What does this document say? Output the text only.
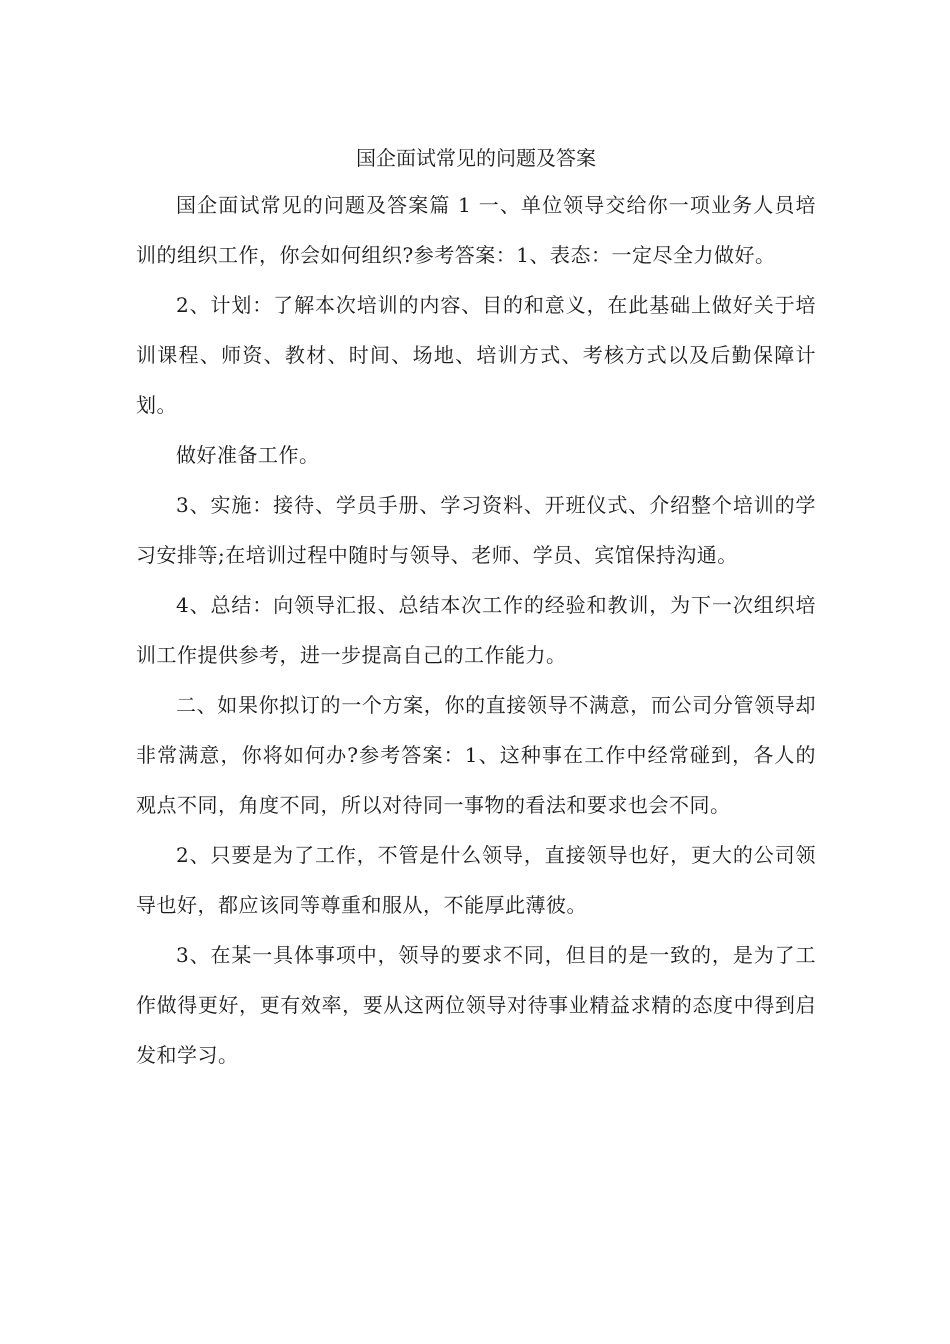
国企面试常见的问题及答案

国企面试常见的问题及答案篇 1 一、单位领导交给你一项业务人员培训的组织工作，你会如何组织?参考答案：1、表态：一定尽全力做好。

2、计划：了解本次培训的内容、目的和意义，在此基础上做好关于培训课程、师资、教材、时间、场地、培训方式、考核方式以及后勤保障计划。

做好准备工作。

3、实施：接待、学员手册、学习资料、开班仪式、介绍整个培训的学习安排等;在培训过程中随时与领导、老师、学员、宾馆保持沟通。

4、总结：向领导汇报、总结本次工作的经验和教训，为下一次组织培训工作提供参考，进一步提高自己的工作能力。

二、如果你拟订的一个方案，你的直接领导不满意，而公司分管领导却非常满意，你将如何办?参考答案：1、这种事在工作中经常碰到，各人的观点不同，角度不同，所以对待同一事物的看法和要求也会不同。

2、只要是为了工作，不管是什么领导，直接领导也好，更大的公司领导也好，都应该同等尊重和服从，不能厚此薄彼。

3、在某一具体事项中，领导的要求不同，但目的是一致的，是为了工作做得更好，更有效率，要从这两位领导对待事业精益求精的态度中得到启发和学习。
